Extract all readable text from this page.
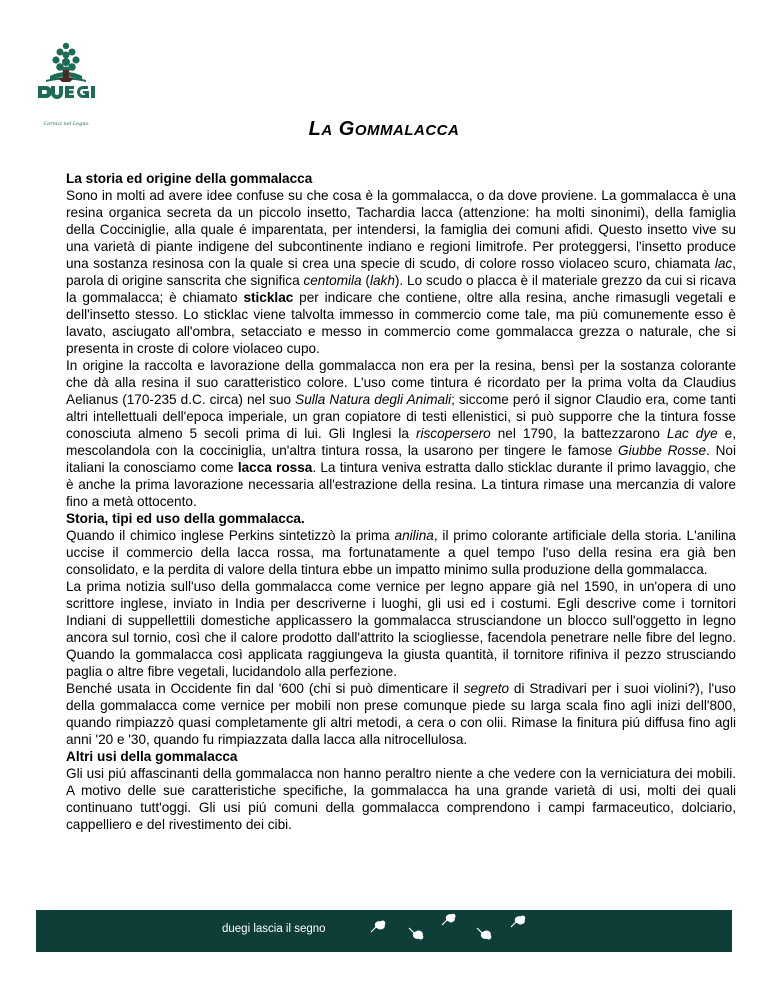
Cornici nel Legno	LA GOMMALACCA
La storia ed origine della gommalacca

Sono in molti ad avere idee confuse su che cosa è la gommalacca, o da dove proviene. La gommalacca è una resina organica secreta da un piccolo insetto, Tachardia lacca (attenzione: ha molti sinonimi), della famiglia della Cocciniglie, alla quale é imparentata, per intendersi, la famiglia dei comuni afidi. Questo insetto vive su una varietà di piante indigene del subcontinente indiano e regioni limitrofe. Per proteggersi, l'insetto produce una sostanza resinosa con la quale si crea una specie di scudo, di colore rosso violaceo scuro, chiamata lac, parola di origine sanscrita che significa centomila (lakh). Lo scudo o placca è il materiale grezzo da cui si ricava la gommalacca; è chiamato sticklac per indicare che contiene, oltre alla resina, anche rimasugli vegetali e dell'insetto stesso. Lo sticklac viene talvolta immesso in commercio come tale, ma più comunemente esso è lavato, asciugato all'ombra, setacciato e messo in commercio come gommalacca grezza o naturale, che si presenta in croste di colore violaceo cupo.

In origine la raccolta e lavorazione della gommalacca non era per la resina, bensì per la sostanza colorante che dà alla resina il suo caratteristico colore. L'uso come tintura é ricordato per la prima volta da Claudius Aelianus (170-235 d.C. circa) nel suo Sulla Natura degli Animali; siccome peró il signor Claudio era, come tanti altri intellettuali dell'epoca imperiale, un gran copiatore di testi ellenistici, si può supporre che la tintura fosse conosciuta almeno 5 secoli prima di lui. Gli Inglesi la riscopersero nel 1790, la battezzarono Lac dye e, mescolandola con la cocciniglia, un'altra tintura rossa, la usarono per tingere le famose Giubbe Rosse. Noi italiani la conosciamo come lacca rossa. La tintura veniva estratta dallo sticklac durante il primo lavaggio, che è anche la prima lavorazione necessaria all'estrazione della resina. La tintura rimase una mercanzia di valore fino a metà ottocento.

Storia, tipi ed uso della gommalacca.

Quando il chimico inglese Perkins sintetizzò la prima anilina, il primo colorante artificiale della storia. L'anilina uccise il commercio della lacca rossa, ma fortunatamente a quel tempo l'uso della resina era già ben consolidato, e la perdita di valore della tintura ebbe un impatto minimo sulla produzione della gommalacca.

La prima notizia sull'uso della gommalacca come vernice per legno appare già nel 1590, in un'opera di uno scrittore inglese, inviato in India per descriverne i luoghi, gli usi ed i costumi. Egli descrive come i tornitori Indiani di suppellettili domestiche applicassero la gommalacca strusciandone un blocco sull'oggetto in legno ancora sul tornio, così che il calore prodotto dall'attrito la sciogliesse, facendola penetrare nelle fibre del legno. Quando la gommalacca così applicata raggiungeva la giusta quantità, il tornitore rifiniva il pezzo strusciando paglia o altre fibre vegetali, lucidandolo alla perfezione.

Benché usata in Occidente fin dal '600 (chi si può dimenticare il segreto di Stradivari per i suoi violini?), l'uso della gommalacca come vernice per mobili non prese comunque piede su larga scala fino agli inizi dell'800, quando rimpiazzò quasi completamente gli altri metodi, a cera o con olii. Rimase la finitura piú diffusa fino agli anni '20 e '30, quando fu rimpiazzata dalla lacca alla nitrocellulosa.

Altri usi della gommalacca

Gli usi piú affascinanti della gommalacca non hanno peraltro niente a che vedere con la verniciatura dei mobili. A motivo delle sue caratteristiche specifiche, la gommalacca ha una grande varietà di usi, molti dei quali continuano tutt'oggi. Gli usi piú comuni della gommalacca comprendono i campi farmaceutico, dolciario, cappelliero e del rivestimento dei cibi.

duegi lascia il segno
